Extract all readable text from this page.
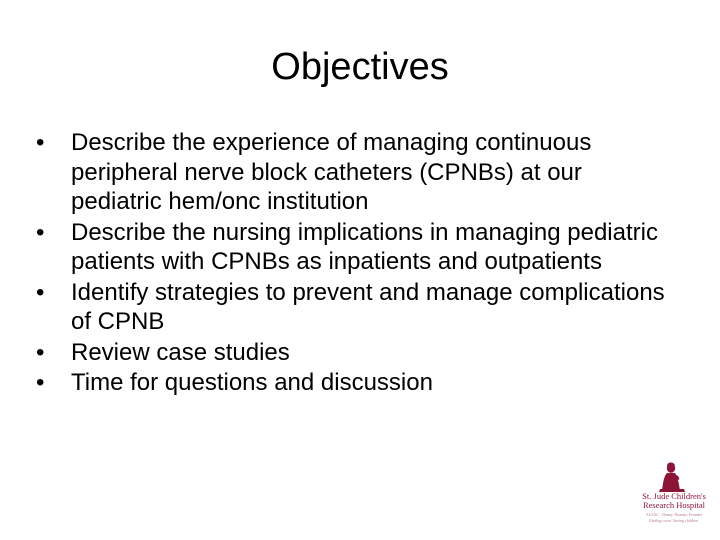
Objectives
•	Describe the experience of managing continuous peripheral nerve block catheters (CPNBs) at our pediatric hem/onc institution
•	Describe the nursing implications in managing pediatric patients with CPNBs as inpatients and outpatients
•	Identify strategies to prevent and manage complications of CPNB
•	Review case studies
•	Time for questions and discussion
St. Jude Children's
Research Hospital
ALSAC · Danny Thomas, Founder
Finding cures. Saving children.
